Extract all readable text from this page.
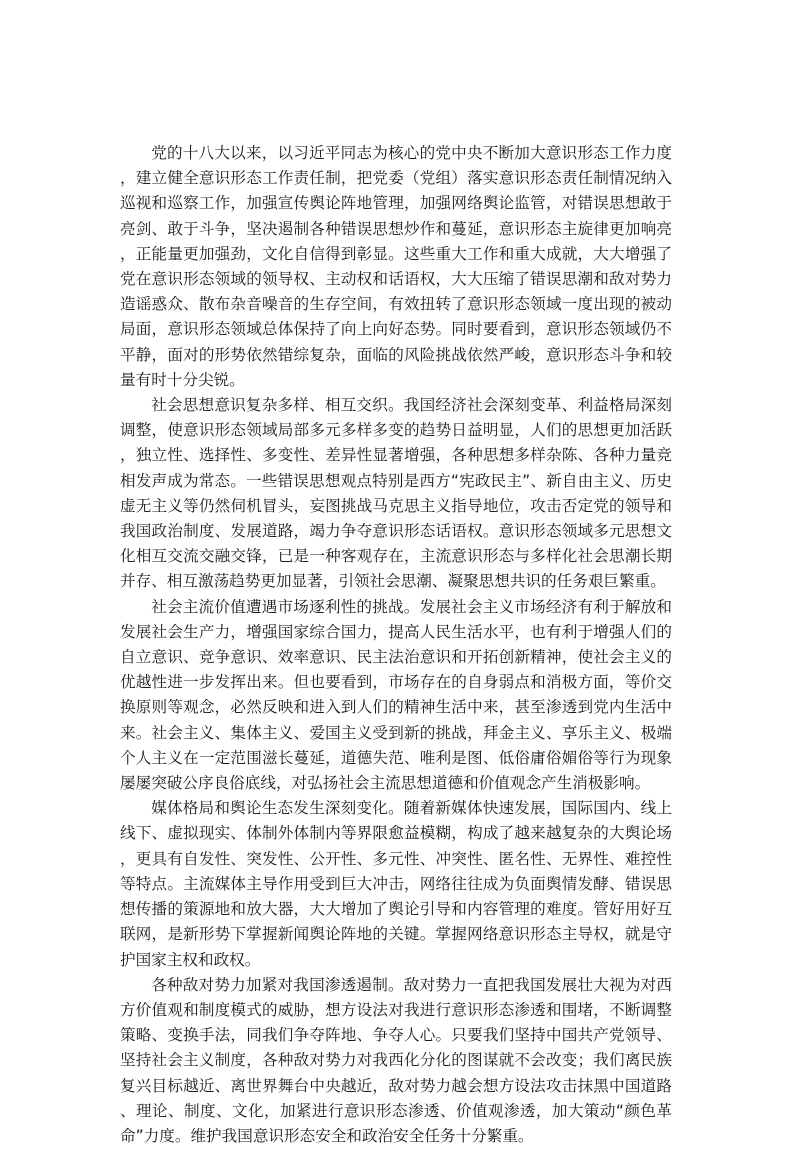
党的十八大以来，以习近平同志为核心的党中央不断加大意识形态工作力度，建立健全意识形态工作责任制，把党委（党组）落实意识形态责任制情况纳入巡视和巡察工作，加强宣传舆论阵地管理，加强网络舆论监管，对错误思想敢于亮剑、敢于斗争，坚决遏制各种错误思想炒作和蔓延，意识形态主旋律更加响亮，正能量更加强劲，文化自信得到彰显。这些重大工作和重大成就，大大增强了党在意识形态领域的领导权、主动权和话语权，大大压缩了错误思潮和敌对势力造谣惑众、散布杂音噪音的生存空间，有效扭转了意识形态领域一度出现的被动局面，意识形态领域总体保持了向上向好态势。同时要看到，意识形态领域仍不平静，面对的形势依然错综复杂，面临的风险挑战依然严峻，意识形态斗争和较量有时十分尖锐。

社会思想意识复杂多样、相互交织。我国经济社会深刻变革、利益格局深刻调整，使意识形态领域局部多元多样多变的趋势日益明显，人们的思想更加活跃，独立性、选择性、多变性、差异性显著增强，各种思想多样杂陈、各种力量竞相发声成为常态。一些错误思想观点特别是西方“宪政民主”、新自由主义、历史虚无主义等仍然伺机冒头，妄图挑战马克思主义指导地位，攻击否定党的领导和我国政治制度、发展道路，竭力争夺意识形态话语权。意识形态领域多元思想文化相互交流交融交锋，已是一种客观存在，主流意识形态与多样化社会思潮长期并存、相互激荡趋势更加显著，引领社会思潮、凝聚思想共识的任务艰巨繁重。

社会主流价值遭遇市场逐利性的挑战。发展社会主义市场经济有利于解放和发展社会生产力，增强国家综合国力，提高人民生活水平，也有利于增强人们的自立意识、竞争意识、效率意识、民主法治意识和开拓创新精神，使社会主义的优越性进一步发挥出来。但也要看到，市场存在的自身弱点和消极方面，等价交换原则等观念，必然反映和进入到人们的精神生活中来，甚至渗透到党内生活中来。社会主义、集体主义、爱国主义受到新的挑战，拜金主义、享乐主义、极端个人主义在一定范围滋长蔓延，道德失范、唯利是图、低俗庸俗媚俗等行为现象屡屡突破公序良俗底线，对弘扬社会主流思想道德和价值观念产生消极影响。

媒体格局和舆论生态发生深刻变化。随着新媒体快速发展，国际国内、线上线下、虚拟现实、体制外体制内等界限愈益模糊，构成了越来越复杂的大舆论场，更具有自发性、突发性、公开性、多元性、冲突性、匿名性、无界性、难控性等特点。主流媒体主导作用受到巨大冲击，网络往往成为负面舆情发酵、错误思想传播的策源地和放大器，大大增加了舆论引导和内容管理的难度。管好用好互联网，是新形势下掌握新闻舆论阵地的关键。掌握网络意识形态主导权，就是守护国家主权和政权。

各种敌对势力加紧对我国渗透遏制。敌对势力一直把我国发展壮大视为对西方价值观和制度模式的威胁，想方设法对我进行意识形态渗透和围堵，不断调整策略、变换手法，同我们争夺阵地、争夺人心。只要我们坚持中国共产党领导、坚持社会主义制度，各种敌对势力对我西化分化的图谋就不会改变；我们离民族复兴目标越近、离世界舞台中央越近，敌对势力越会想方设法攻击抹黑中国道路、理论、制度、文化，加紧进行意识形态渗透、价值观渗透，加大策动“颜色革命”力度。维护我国意识形态安全和政治安全任务十分繁重。
